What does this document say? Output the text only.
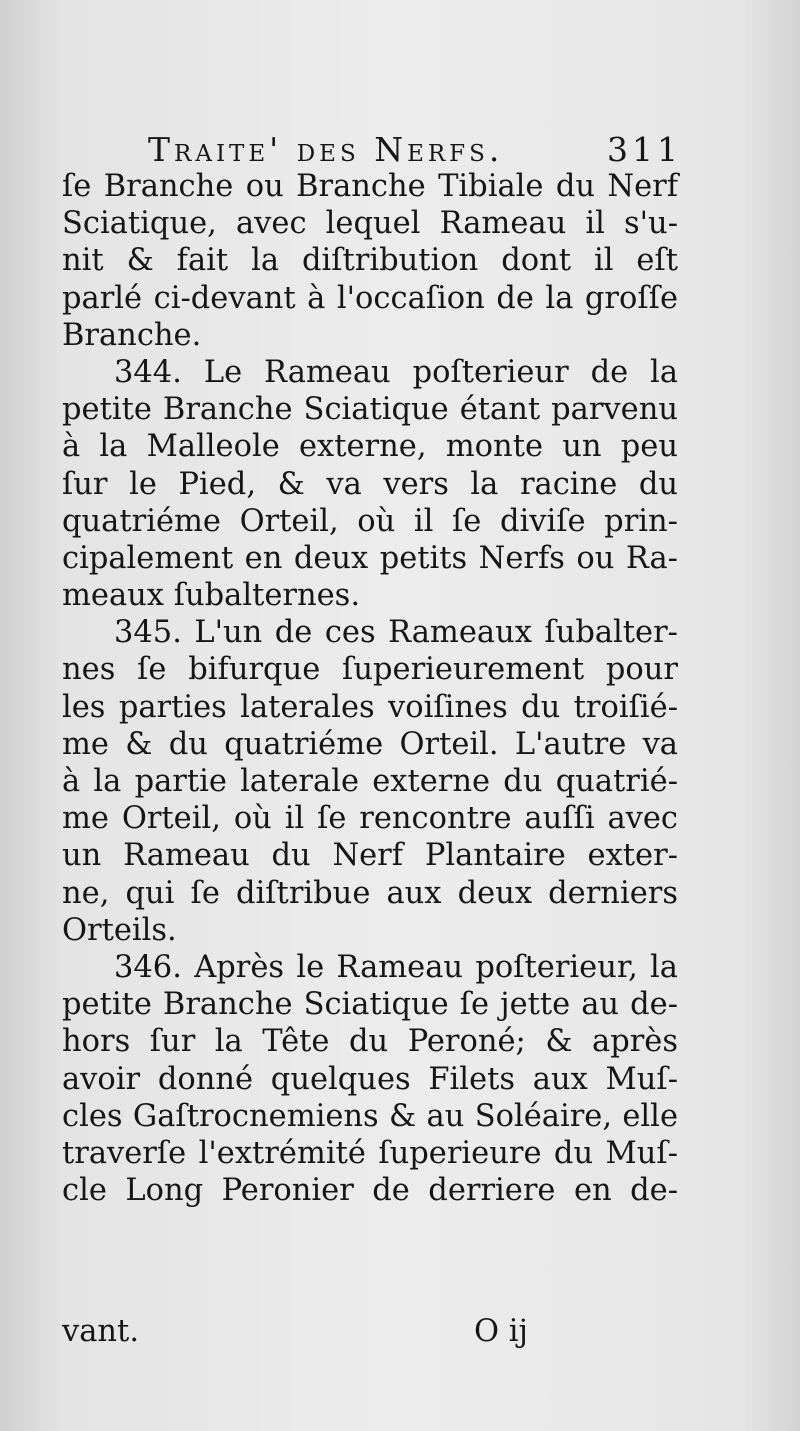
Traite' des Nerfs.	311
ſe Branche ou Branche Tibiale du Nerf
Sciatique, avec lequel Rameau il s'u-
nit & fait la diſtribution dont il eſt
parlé ci-devant à l'occaſion de la groſſe
Branche.
344. Le Rameau poſterieur de la
petite Branche Sciatique étant parvenu
à la Malleole externe, monte un peu
ſur le Pied, & va vers la racine du
quatriéme Orteil, où il ſe diviſe prin-
cipalement en deux petits Nerfs ou Ra-
meaux ſubalternes.
345. L'un de ces Rameaux ſubalter-
nes ſe bifurque ſuperieurement pour
les parties laterales voiſines du troiſié-
me & du quatriéme Orteil. L'autre va
à la partie laterale externe du quatrié-
me Orteil, où il ſe rencontre auſſi avec
un Rameau du Nerf Plantaire exter-
ne, qui ſe diſtribue aux deux derniers
Orteils.
346. Après le Rameau poſterieur, la
petite Branche Sciatique ſe jette au de-
hors ſur la Tête du Peroné; & après
avoir donné quelques Filets aux Muſ-
cles Gaſtrocnemiens & au Soléaire, elle
traverſe l'extrémité ſuperieure du Muſ-
cle Long Peronier de derriere en de-
vant.	O ij
